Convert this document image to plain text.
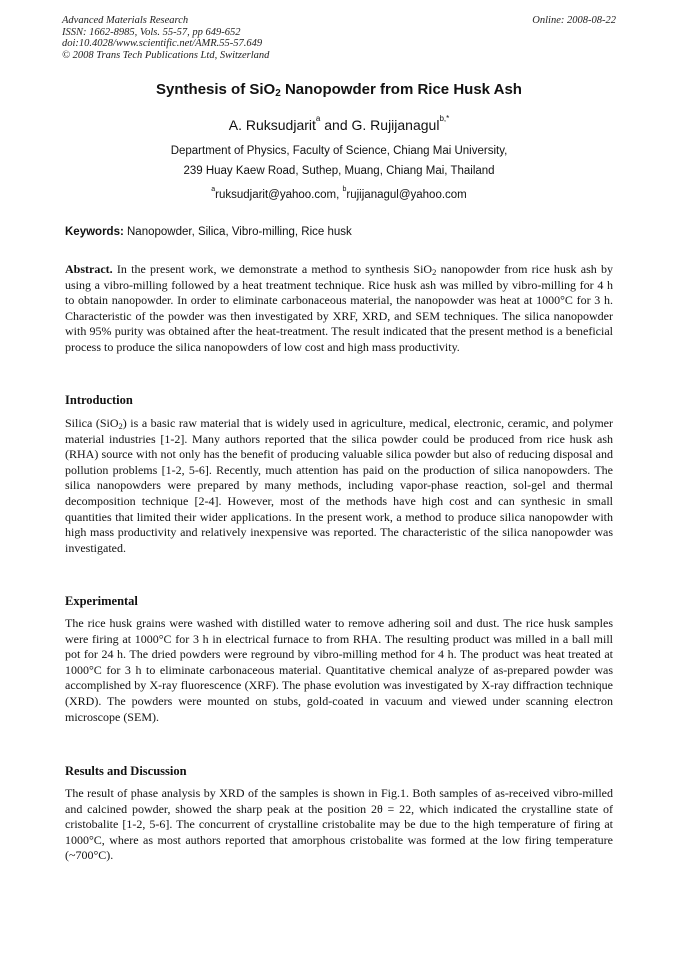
Advanced Materials Research
ISSN: 1662-8985, Vols. 55-57, pp 649-652
doi:10.4028/www.scientific.net/AMR.55-57.649
© 2008 Trans Tech Publications Ltd, Switzerland
Online: 2008-08-22
Synthesis of SiO$_2$ Nanopowder from Rice Husk Ash
A. Ruksudjarit$^a$ and G. Rujijanagul$^{b,*}$
Department of Physics, Faculty of Science, Chiang Mai University,
239 Huay Kaew Road, Suthep, Muang, Chiang Mai, Thailand
$^a$ruksudjarit@yahoo.com, $^b$rujijanagul@yahoo.com
Keywords: Nanopowder, Silica, Vibro-milling, Rice husk

Abstract. In the present work, we demonstrate a method to synthesis SiO$_2$ nanopowder from rice husk ash by using a vibro-milling followed by a heat treatment technique. Rice husk ash was milled by vibro-milling for 4 h to obtain nanopowder. In order to eliminate carbonaceous material, the nanopowder was heat at 1000°C for 3 h. Characteristic of the powder was then investigated by XRF, XRD, and SEM techniques. The silica nanopowder with 95% purity was obtained after the heat-treatment. The result indicated that the present method is a beneficial process to produce the silica nanopowders of low cost and high mass productivity.

Introduction

Silica (SiO$_2$) is a basic raw material that is widely used in agriculture, medical, electronic, ceramic, and polymer material industries [1-2]. Many authors reported that the silica powder could be produced from rice husk ash (RHA) source with not only has the benefit of producing valuable silica powder but also of reducing disposal and pollution problems [1-2, 5-6]. Recently, much attention has paid on the production of silica nanopowders. The silica nanopowders were prepared by many methods, including vapor-phase reaction, sol-gel and thermal decomposition technique [2-4]. However, most of the methods have high cost and can synthesic in small quantities that limited their wider applications. In the present work, a method to produce silica nanopowder with high mass productivity and relatively inexpensive was reported. The characteristic of the silica nanopowder was investigated.

Experimental

The rice husk grains were washed with distilled water to remove adhering soil and dust. The rice husk samples were firing at 1000°C for 3 h in electrical furnace to from RHA. The resulting product was milled in a ball mill pot for 24 h. The dried powders were reground by vibro-milling method for 4 h. The product was heat treated at 1000°C for 3 h to eliminate carbonaceous material. Quantitative chemical analyze of as-prepared powder was accomplished by X-ray fluorescence (XRF). The phase evolution was investigated by X-ray diffraction technique (XRD). The powders were mounted on stubs, gold-coated in vacuum and viewed under scanning electron microscope (SEM).

Results and Discussion

The result of phase analysis by XRD of the samples is shown in Fig.1. Both samples of as-received vibro-milled and calcined powder, showed the sharp peak at the position 2θ = 22, which indicated the crystalline state of cristobalite [1-2, 5-6]. The concurrent of crystalline cristobalite may be due to the high temperature of firing at 1000°C, where as most authors reported that amorphous cristobalite was formed at the low firing temperature (~700°C).
